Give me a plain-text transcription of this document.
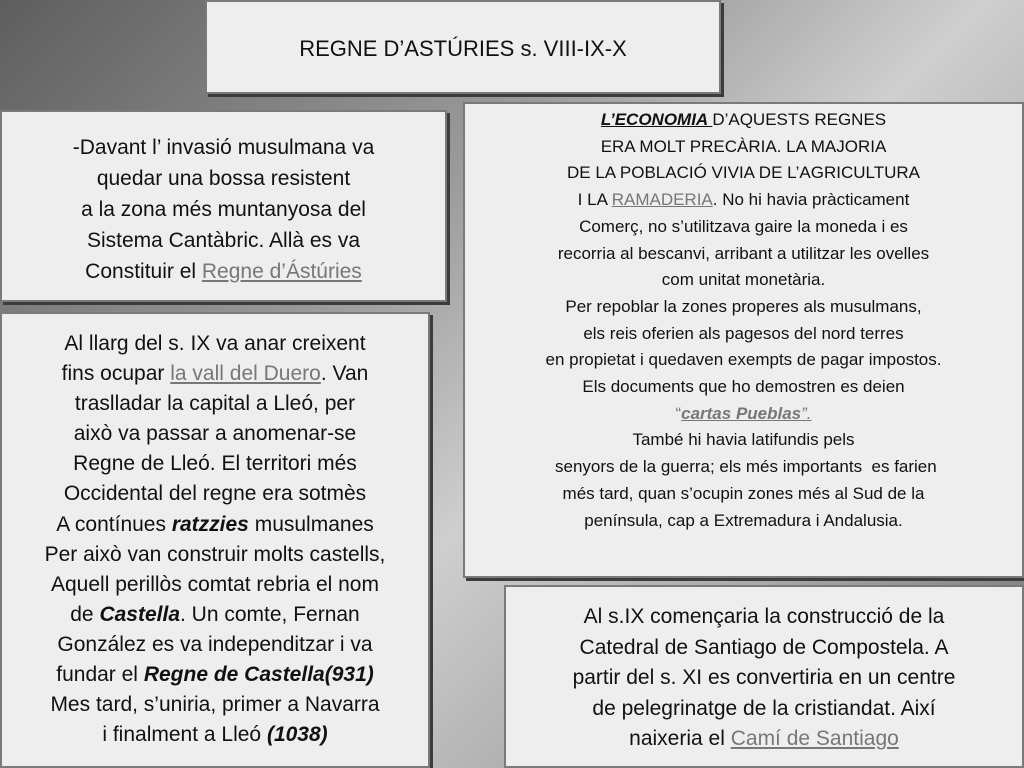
REGNE D’ASTÚRIES s. VIII-IX-X
-Davant l’ invasió musulmana va
quedar una bossa resistent
a la zona més muntanyosa del
Sistema Cantàbric. Allà es va
Constituir el Regne d’Ástúries
L’ECONOMIA D’AQUESTS REGNES
ERA MOLT PRECÀRIA. LA MAJORIA
DE LA POBLACIÓ VIVIA DE L’AGRICULTURA
I LA RAMADERIA. No hi havia pràcticament
Comerç, no s’utilitzava gaire la moneda i es
recorria al bescanvi, arribant a utilitzar les ovelles
com unitat monetària.
Per repoblar la zones properes als musulmans,
els reis oferien als pagesos del nord terres
en propietat i quedaven exempts de pagar impostos.
Els documents que ho demostren es deien
“cartas Pueblas”.
També hi havia latifundis pels
senyors de la guerra; els més importants  es farien
més tard, quan s’ocupin zones més al Sud de la
península, cap a Extremadura i Andalusia.
Al llarg del s. IX va anar creixent
fins ocupar la vall del Duero. Van
traslladar la capital a Lleó, per
això va passar a anomenar-se
Regne de Lleó. El territori més
Occidental del regne era sotmès
A contínues ratzzies musulmanes
Per això van construir molts castells,
Aquell perillòs comtat rebria el nom
de Castella. Un comte, Fernan
González es va independitzar i va
fundar el Regne de Castella(931)
Mes tard, s’uniria, primer a Navarra
i finalment a Lleó (1038)
Al s.IX començaria la construcció de la
Catedral de Santiago de Compostela. A
partir del s. XI es convertiria en un centre
de pelegrinatge de la cristiandat. Així
naixeria el Camí de Santiago
